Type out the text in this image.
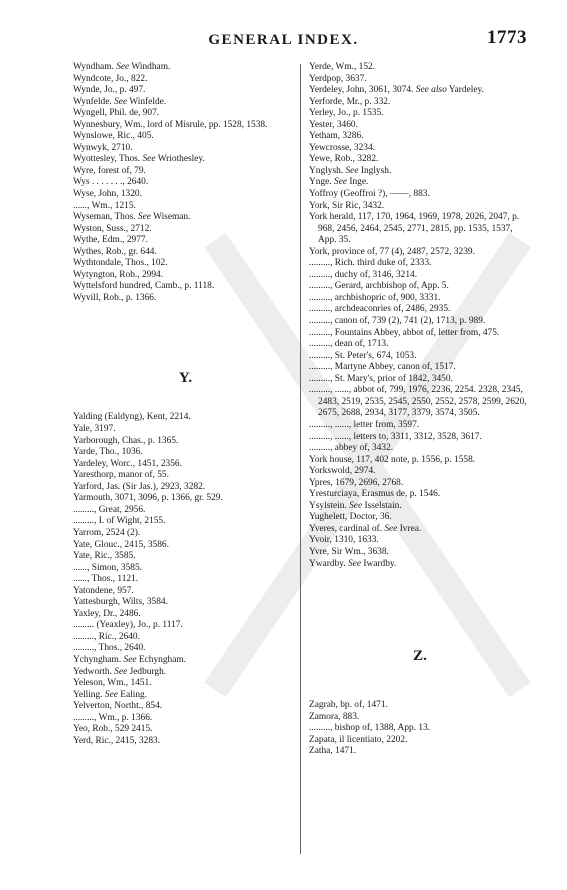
GENERAL INDEX.	1773
Wyndham. See Windham.
Wyndcote, Jo., 822.
Wynde, Jo., p. 497.
Wynfelde. See Winfelde.
Wyngell, Phil. de, 907.
Wynnesbury, Wm., lord of Misrule, pp. 1528, 1538.
Wynslowe, Ric., 405.
Wynwyk, 2710.
Wyottesley, Thos. See Wriothesley.
Wyre, forest of, 79.
Wys . . . . . . ., 2640.
Wyse, John, 1320.
......, Wm., 1215.
Wyseman, Thos. See Wiseman.
Wyston, Suss., 2712.
Wythe, Edm., 2977.
Wythes, Rob., gr. 644.
Wythtondale, Thos., 102.
Wytyngton, Rob., 2994.
Wyttelsford hundred, Camb., p. 1118.
Wyvill, Rob., p. 1366.
Y.
Yalding (Ealdyng), Kent, 2214.
Yale, 3197.
Yarborough, Chas., p. 1365.
Yarde, Tho., 1036.
Yardeley, Worc., 1451, 2356.
Yaresthorp, manor of, 55.
Yarford, Jas. (Sir Jas.), 2923, 3282.
Yarmouth, 3071, 3096, p. 1366, gr. 529.
........., Great, 2956.
........., I. of Wight, 2155.
Yarrom, 2524 (2).
Yate, Glouc., 2415, 3586.
Yate, Ric., 3585.
......, Simon, 3585.
......, Thos., 1121.
Yatondene, 957.
Yattesburgh, Wilts, 3584.
Yaxley, Dr., 2486.
......... (Yeaxley), Jo., p. 1117.
........., Ric., 2640.
........., Thos., 2640.
Ychyngham. See Echyngham.
Yedworth. See Jedburgh.
Yeleson, Wm., 1451.
Yelling. See Ealing.
Yelverton, Northt., 854.
........., Wm., p. 1366.
Yeo, Rob., 529 2415.
Yerd, Ric., 2415, 3283.
Yerde, Wm., 152.
Yerdpop, 3637.
Yerdeley, John, 3061, 3074. See also Yardeley.
Yerforde, Mr., p. 332.
Yerley, Jo., p. 1535.
Yester, 3460.
Yetham, 3286.
Yewcrosse, 3234.
Yewe, Rob., 3282.
Ynglysh. See Inglysh.
Ynge. See Inge.
Yoffroy (Geoffroi ?), ——, 883.
York, Sir Ric, 3432.
York herald, 117, 170, 1964, 1969, 1978, 2026, 2047, p. 968, 2456, 2464, 2545, 2771, 2815, pp. 1535, 1537, App. 35.
York, province of, 77 (4), 2487, 2572, 3239.
........., Rich. third duke of, 2333.
........., duchy of, 3146, 3214.
........., Gerard, archbishop of, App. 5.
........., archbishopric of, 900, 3331.
........., archdeaconries of, 2486, 2935.
........., canon of, 739 (2), 741 (2), 1713, p. 989.
........., Fountains Abbey, abbot of, letter from, 475.
........., dean of, 1713.
........., St. Peter's, 674, 1053.
........., Martyne Abbey, canon of, 1517.
........., St. Mary's, prior of 1842, 3450.
........., ......, abbot of, 799, 1976, 2236, 2254. 2328, 2345, 2483, 2519, 2535, 2545, 2550, 2552, 2578, 2599, 2620, 2675, 2688, 2934, 3177, 3379, 3574, 3505.
........., ......, letter from, 3597.
........., ......, letters to, 3311, 3312, 3528, 3617.
........., abbey of, 3432.
York house, 117, 402 note, p. 1556, p. 1558.
Yorkswold, 2974.
Ypres, 1679, 2696, 2768.
Yresturciaya, Erasmus de, p. 1546.
Ysylstein. See Isselstain.
Yughelett, Doctor, 36.
Yveres, cardinal of. See Ivrea.
Yvoir, 1310, 1633.
Yvre, Sir Wm., 3638.
Ywardby. See Iwardby.
Z.
Zagrab, bp. of, 1471.
Zamora, 883.
........., bishop of, 1388, App. 13.
Zapata, il licentiato, 2202.
Zatha, 1471.
